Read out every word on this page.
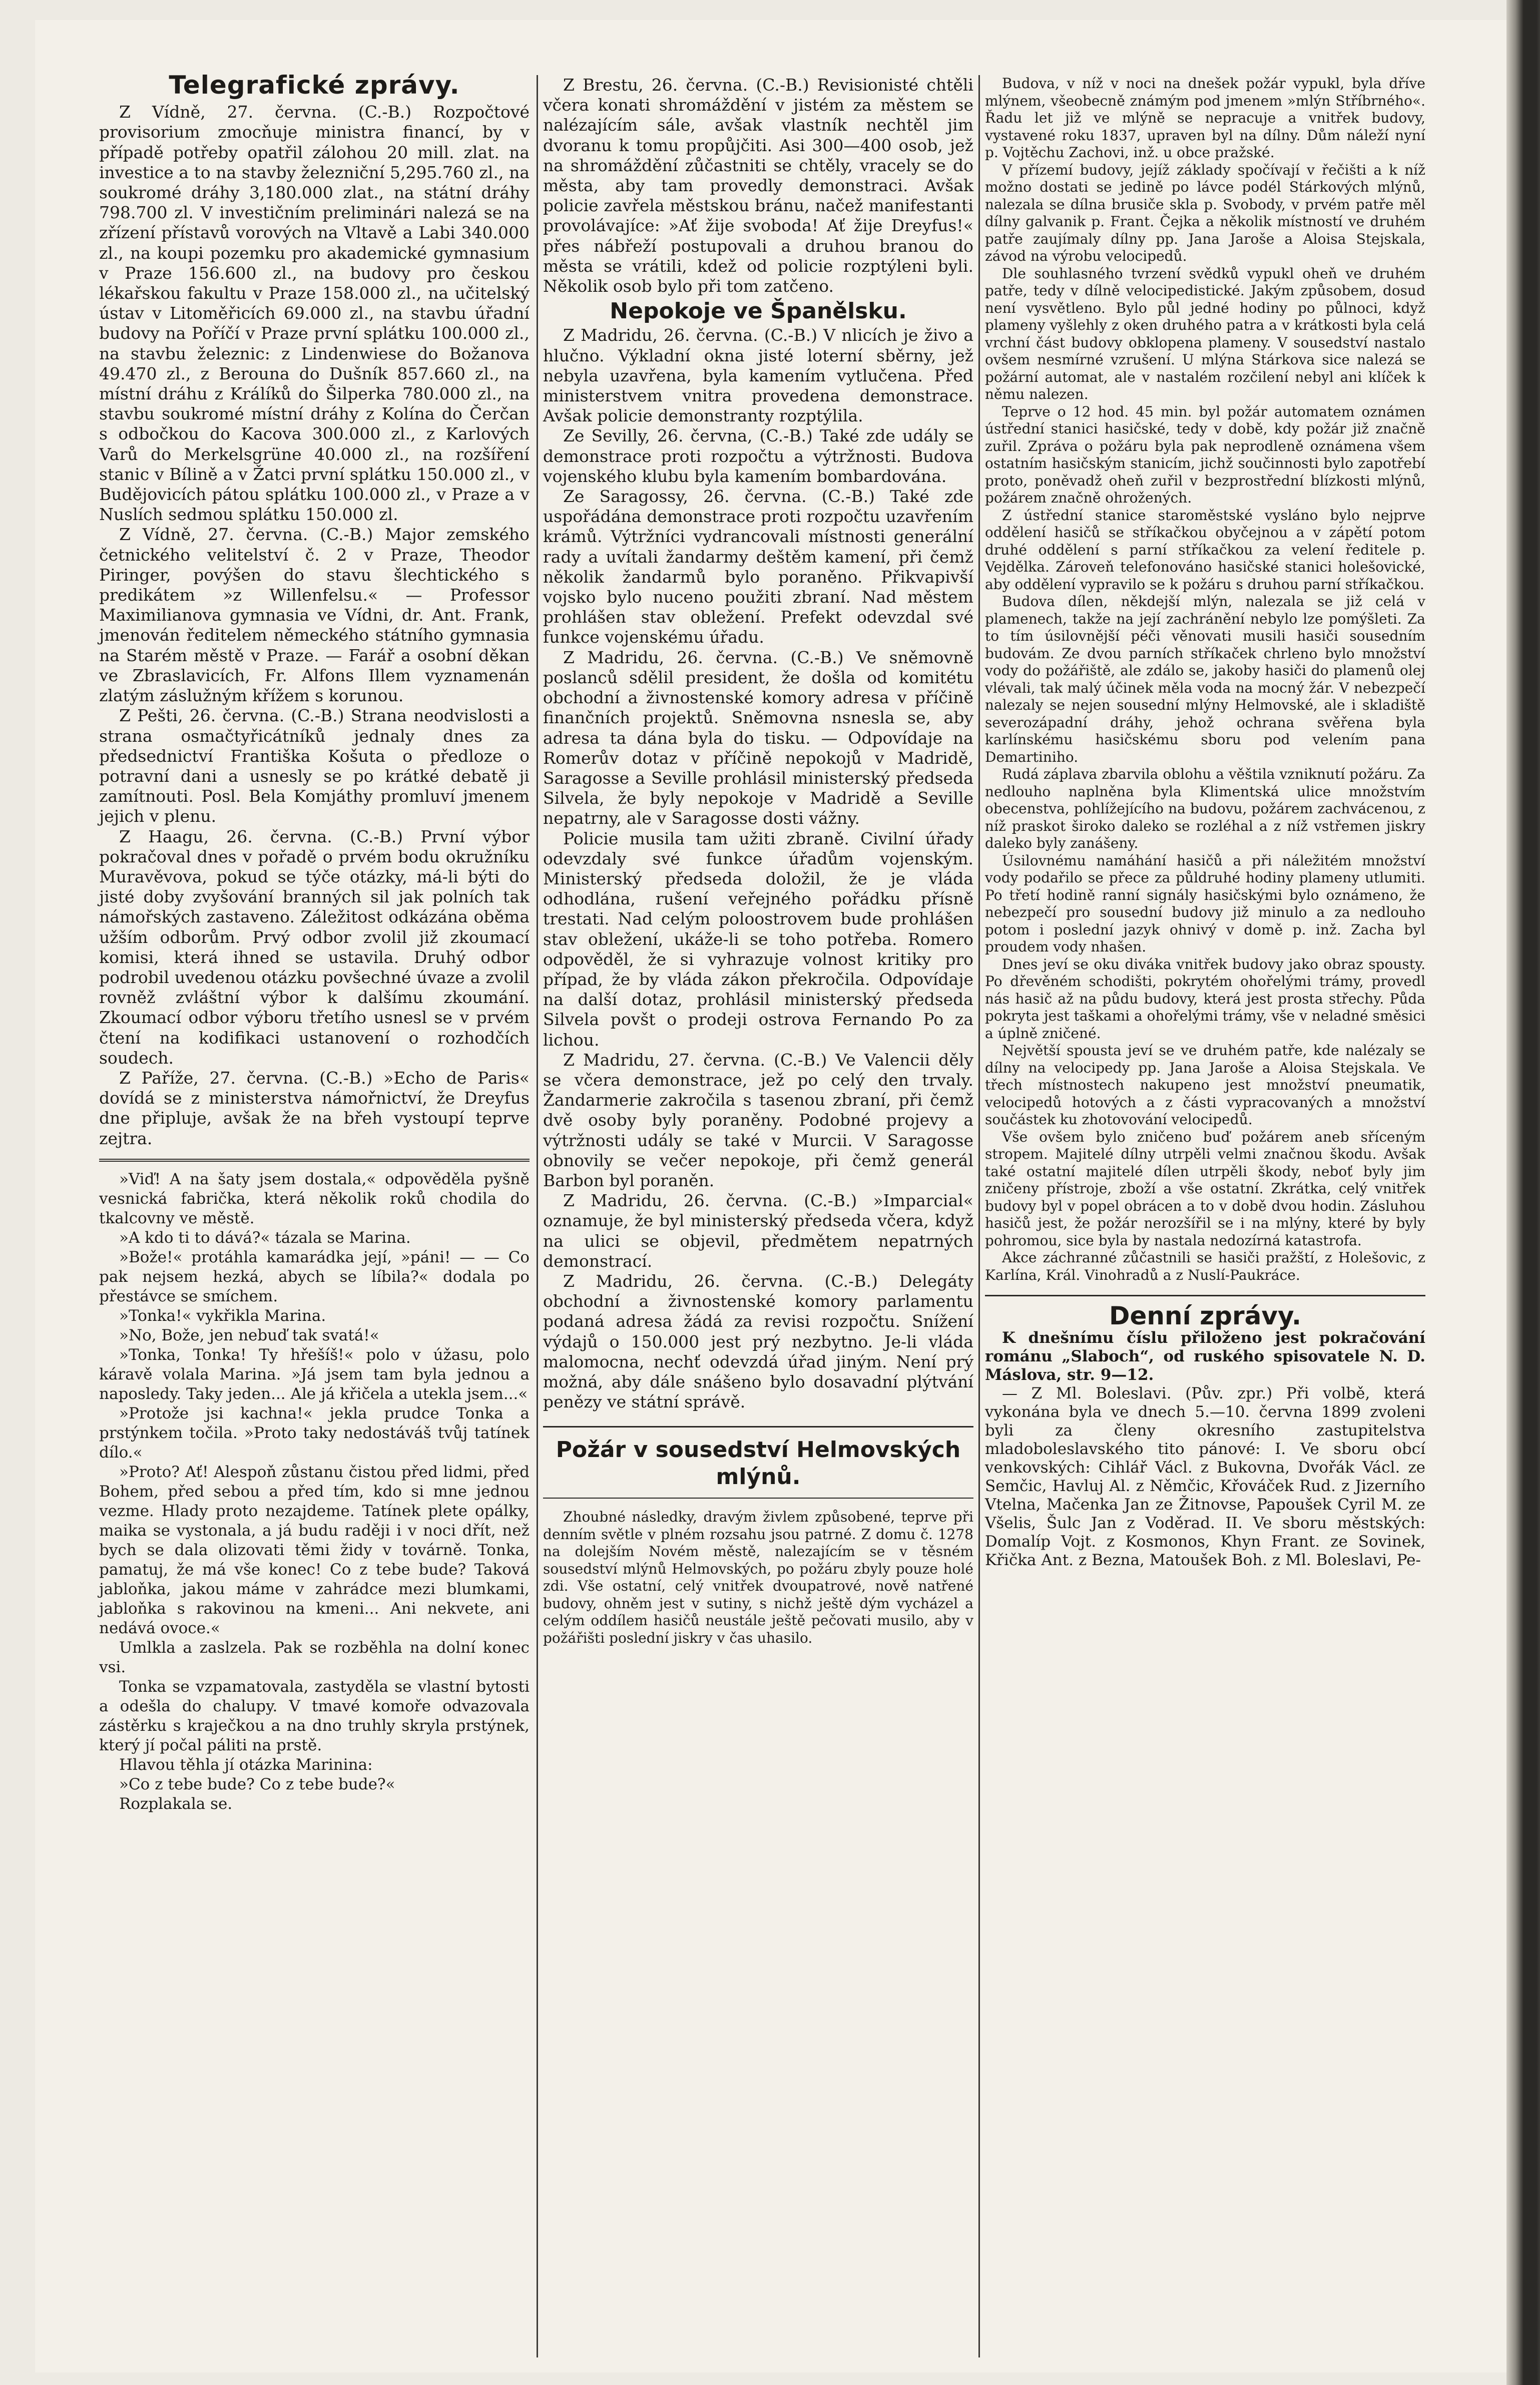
Telegrafické zprávy.

Z Vídně, 27. června. (C.-B.) Rozpočtové provisorium zmocňuje ministra financí, by v případě potřeby opatřil zálohou 20 mill. zlat. na investice a to na stavby železniční 5,295.760 zl., na soukromé dráhy 3,180.000 zlat., na státní dráhy 798.700 zl. V investičním preliminári nalezá se na zřízení přístavů vorových na Vltavě a Labi 340.000 zl., na koupi pozemku pro akademické gymnasium v Praze 156.600 zl., na budovy pro českou lékařskou fakultu v Praze 158.000 zl., na učitelský ústav v Litoměřicích 69.000 zl., na stavbu úřadní budovy na Poříčí v Praze první splátku 100.000 zl., na stavbu železnic: z Lindenwiese do Božanova 49.470 zl., z Berouna do Dušník 857.660 zl., na místní dráhu z Králíků do Šilperka 780.000 zl., na stavbu soukromé místní dráhy z Kolína do Čerčan s odbočkou do Kacova 300.000 zl., z Karlových Varů do Merkelsgrüne 40.000 zl., na rozšíření stanic v Bílině a v Žatci první splátku 150.000 zl., v Budějovicích pátou splátku 100.000 zl., v Praze a v Nuslích sedmou splátku 150.000 zl.

Z Vídně, 27. června. (C.-B.) Major zemského četnického velitelství č. 2 v Praze, Theodor Piringer, povýšen do stavu šlechtického s predikátem »z Willenfelsu.« — Professor Maximilianova gymnasia ve Vídni, dr. Ant. Frank, jmenován ředitelem německého státního gymnasia na Starém městě v Praze. — Farář a osobní děkan ve Zbraslavicích, Fr. Alfons Illem vyznamenán zlatým záslužným křížem s korunou.

Z Pešti, 26. června. (C.-B.) Strana neodvislosti a strana osmačtyřicátníků jednaly dnes za předsednictví Františka Košuta o předloze o potravní dani a usnesly se po krátké debatě ji zamítnouti. Posl. Bela Komjáthy promluví jmenem jejich v plenu.

Z Haagu, 26. června. (C.-B.) První výbor pokračoval dnes v pořadě o prvém bodu okružníku Muravěvova, pokud se týče otázky, má-li býti do jisté doby zvyšování branných sil jak polních tak námořských zastaveno. Záležitost odkázána oběma užším odborům. Prvý odbor zvolil již zkoumací komisi, která ihned se ustavila. Druhý odbor podrobil uvedenou otázku povšechné úvaze a zvolil rovněž zvláštní výbor k dalšímu zkoumání. Zkoumací odbor výboru třetího usnesl se v prvém čtení na kodifikaci ustanovení o rozhodčích soudech.

Z Paříže, 27. června. (C.-B.) »Echo de Paris« dovídá se z ministerstva námořnictví, že Dreyfus dne připluje, avšak že na břeh vystoupí teprve zejtra.

»Viď! A na šaty jsem dostala,« odpověděla pyšně vesnická fabrička, která několik roků chodila do tkalcovny ve městě.

»A kdo ti to dává?« tázala se Marina.

»Bože!« protáhla kamarádka její, »páni! — — Co pak nejsem hezká, abych se líbila?« dodala po přestávce se smíchem.

»Tonka!« vykřikla Marina.

»No, Bože, jen nebuď tak svatá!«

»Tonka, Tonka! Ty hřešíš!« polo v úžasu, polo káravě volala Marina. »Já jsem tam byla jednou a naposledy. Taky jeden... Ale já křičela a utekla jsem...«

»Protože jsi kachna!« jekla prudce Tonka a prstýnkem točila. »Proto taky nedostáváš tvůj tatínek dílo.«

»Proto? Ať! Alespoň zůstanu čistou před lidmi, před Bohem, před sebou a před tím, kdo si mne jednou vezme. Hlady proto nezajdeme. Tatínek plete opálky, maika se vystonala, a já budu raději i v noci dřít, než bych se dala olizovati těmi židy v továrně. Tonka, pamatuj, že má vše konec! Co z tebe bude? Taková jabloňka, jakou máme v zahrádce mezi blumkami, jabloňka s rakovinou na kmeni... Ani nekvete, ani nedává ovoce.«

Umlkla a zaslzela. Pak se rozběhla na dolní konec vsi.

Tonka se vzpamatovala, zastyděla se vlastní bytosti a odešla do chalupy. V tmavé komoře odvazovala zástěrku s kraječkou a na dno truhly skryla prstýnek, který jí počal páliti na prstě.

Hlavou těhla jí otázka Marinina:

»Co z tebe bude? Co z tebe bude?«

Rozplakala se.

Z Brestu, 26. června. (C.-B.) Revisionisté chtěli včera konati shromáždění v jistém za městem se nalézajícím sále, avšak vlastník nechtěl jim dvoranu k tomu propůjčiti. Asi 300—400 osob, jež na shromáždění zůčastniti se chtěly, vracely se do města, aby tam provedly demonstraci. Avšak policie zavřela městskou bránu, načež manifestanti provolávajíce: »Ať žije svoboda! Ať žije Dreyfus!« přes nábřeží postupovali a druhou branou do města se vrátili, kdež od policie rozptýleni byli. Několik osob bylo při tom zatčeno.

Nepokoje ve Španělsku.

Z Madridu, 26. června. (C.-B.) V nlicích je živo a hlučno. Výkladní okna jisté loterní sběrny, jež nebyla uzavřena, byla kamením vytlučena. Před ministerstvem vnitra provedena demonstrace. Avšak policie demonstranty rozptýlila.

Ze Sevilly, 26. června, (C.-B.) Také zde udály se demonstrace proti rozpočtu a výtržnosti. Budova vojenského klubu byla kamením bombardována.

Ze Saragossy, 26. června. (C.-B.) Také zde uspořádána demonstrace proti rozpočtu uzavřením krámů. Výtržníci vydrancovali místnosti generální rady a uvítali žandarmy deštěm kamení, při čemž několik žandarmů bylo poraněno. Přikvapivší vojsko bylo nuceno použiti zbraní. Nad městem prohlášen stav obležení. Prefekt odevzdal své funkce vojenskému úřadu.

Z Madridu, 26. června. (C.-B.) Ve sněmovně poslanců sdělil president, že došla od komitétu obchodní a živnostenské komory adresa v příčině finančních projektů. Sněmovna nsnesla se, aby adresa ta dána byla do tisku. — Odpovídaje na Romerův dotaz v příčině nepokojů v Madridě, Saragosse a Seville prohlásil ministerský předseda Silvela, že byly nepokoje v Madridě a Seville nepatrny, ale v Saragosse dosti vážny.

Policie musila tam užiti zbraně. Civilní úřady odevzdaly své funkce úřadům vojenským. Ministerský předseda doložil, že je vláda odhodlána, rušení veřejného pořádku přísně trestati. Nad celým poloostrovem bude prohlášen stav obležení, ukáže-li se toho potřeba. Romero odpověděl, že si vyhrazuje volnost kritiky pro případ, že by vláda zákon překročila. Odpovídaje na další dotaz, prohlásil ministerský předseda Silvela povšt o prodeji ostrova Fernando Po za lichou.

Z Madridu, 27. června. (C.-B.) Ve Valencii děly se včera demonstrace, jež po celý den trvaly. Žandarmerie zakročila s tasenou zbraní, při čemž dvě osoby byly poraněny. Podobné projevy a výtržnosti udály se také v Murcii. V Saragosse obnovily se večer nepokoje, při čemž generál Barbon byl poraněn.

Z Madridu, 26. června. (C.-B.) »Imparcial« oznamuje, že byl ministerský předseda včera, když na ulici se objevil, předmětem nepatrných demonstrací.

Z Madridu, 26. června. (C.-B.) Delegáty obchodní a živnostenské komory parlamentu podaná adresa žádá za revisi rozpočtu. Snížení výdajů o 150.000 jest prý nezbytno. Je-li vláda malomocna, nechť odevzdá úřad jiným. Není prý možná, aby dále snášeno bylo dosavadní plýtvání penězy ve státní správě.

Požár v sousedství Helmovských mlýnů.

Zhoubné následky, dravým živlem způsobené, teprve při denním světle v plném rozsahu jsou patrné. Z domu č. 1278 na dolejším Novém městě, nalezajícím se v těsném sousedství mlýnů Helmovských, po požáru zbyly pouze holé zdi. Vše ostatní, celý vnitřek dvoupatrové, nově natřené budovy, ohněm jest v sutiny, s nichž ještě dým vycházel a celým oddílem hasičů neustále ještě pečovati musilo, aby v požářišti poslední jiskry v čas uhasilo.

Budova, v níž v noci na dnešek požár vypukl, byla dříve mlýnem, všeobecně známým pod jmenem »mlýn Stříbrného«. Řadu let již ve mlýně se nepracuje a vnitřek budovy, vystavené roku 1837, upraven byl na dílny. Dům náleží nyní p. Vojtěchu Zachovi, inž. u obce pražské.

V přízemí budovy, jejíž základy spočívají v řečišti a k níž možno dostati se jedině po lávce podél Stárkových mlýnů, nalezala se dílna brusiče skla p. Svobody, v prvém patře měl dílny galvanik p. Frant. Čejka a několik místností ve druhém patře zaujímaly dílny pp. Jana Jaroše a Aloisa Stejskala, závod na výrobu velocipedů.

Dle souhlasného tvrzení svědků vypukl oheň ve druhém patře, tedy v dílně velocipedistické. Jakým způsobem, dosud není vysvětleno. Bylo půl jedné hodiny po půlnoci, když plameny vyšlehly z oken druhého patra a v krátkosti byla celá vrchní část budovy obklopena plameny. V sousedství nastalo ovšem nesmírné vzrušení. U mlýna Stárkova sice nalezá se požární automat, ale v nastalém rozčilení nebyl ani klíček k němu nalezen.

Teprve o 12 hod. 45 min. byl požár automatem oznámen ústřední stanici hasičské, tedy v době, kdy požár již značně zuřil. Zpráva o požáru byla pak neprodleně oznámena všem ostatním hasičským stanicím, jichž součinnosti bylo zapotřebí proto, poněvadž oheň zuřil v bezprostřední blízkosti mlýnů, požárem značně ohrožených.

Z ústřední stanice staroměstské vysláno bylo nejprve oddělení hasičů se stříkačkou obyčejnou a v zápětí potom druhé oddělení s parní stříkačkou za velení ředitele p. Vejdělka. Zároveň telefonováno hasičské stanici holešovické, aby oddělení vypravilo se k požáru s druhou parní stříkačkou.

Budova dílen, někdejší mlýn, nalezala se již celá v plamenech, takže na její zachránění nebylo lze pomýšleti. Za to tím úsilovnější péči věnovati musili hasiči sousedním budovám. Ze dvou parních stříkaček chrleno bylo množství vody do požářiště, ale zdálo se, jakoby hasiči do plamenů olej vlévali, tak malý účinek měla voda na mocný žár. V nebezpečí nalezaly se nejen sousední mlýny Helmovské, ale i skladiště severozápadní dráhy, jehož ochrana svěřena byla karlínskému hasičskému sboru pod velením pana Demartiniho.

Rudá záplava zbarvila oblohu a věštila vzniknutí požáru. Za nedlouho naplněna byla Klimentská ulice množstvím obecenstva, pohlížejícího na budovu, požárem zachvácenou, z níž praskot široko daleko se rozléhal a z níž vstřemen jiskry daleko byly zanášeny.

Úsilovnému namáhání hasičů a při náležitém množství vody podařilo se přece za půldruhé hodiny plameny utlumiti. Po třetí hodině ranní signály hasičskými bylo oznámeno, že nebezpečí pro sousední budovy již minulo a za nedlouho potom i poslední jazyk ohnivý v domě p. inž. Zacha byl proudem vody nhašen.

Dnes jeví se oku diváka vnitřek budovy jako obraz spousty. Po dřevěném schodišti, pokrytém ohořelými trámy, provedl nás hasič až na půdu budovy, která jest prosta střechy. Půda pokryta jest taškami a ohořelými trámy, vše v neladné směsici a úplně zničené.

Největší spousta jeví se ve druhém patře, kde nalézaly se dílny na velocipedy pp. Jana Jaroše a Aloisa Stejskala. Ve třech místnostech nakupeno jest množství pneumatik, velocipedů hotových a z části vypracovaných a množství součástek ku zhotovování velocipedů.

Vše ovšem bylo zničeno buď požárem aneb sříceným stropem. Majitelé dílny utrpěli velmi značnou škodu. Avšak také ostatní majitelé dílen utrpěli škody, neboť byly jim zničeny přístroje, zboží a vše ostatní. Zkrátka, celý vnitřek budovy byl v popel obrácen a to v době dvou hodin. Zásluhou hasičů jest, že požár nerozšířil se i na mlýny, které by byly pohromou, sice byla by nastala nedozírná katastrofa.

Akce záchranné zůčastnili se hasiči pražští, z Holešovic, z Karlína, Král. Vinohradů a z Nuslí-Paukráce.

Denní zprávy.

K dnešnímu číslu přiloženo jest pokračování románu „Slaboch“, od ruského spisovatele N. D. Máslova, str. 9—12.

— Z Ml. Boleslavi. (Pův. zpr.) Při volbě, která vykonána byla ve dnech 5.—10. června 1899 zvoleni byli za členy okresního zastupitelstva mladoboleslavského tito pánové: I. Ve sboru obcí venkovských: Cihlář Václ. z Bukovna, Dvořák Václ. ze Semčic, Havluj Al. z Němčic, Křováček Rud. z Jizerního Vtelna, Mačenka Jan ze Žitnovse, Papoušek Cyril M. ze Všelis, Šulc Jan z Voděrad. II. Ve sboru městských: Domalíp Vojt. z Kosmonos, Khyn Frant. ze Sovinek, Křička Ant. z Bezna, Matoušek Boh. z Ml. Boleslavi, Pe-
